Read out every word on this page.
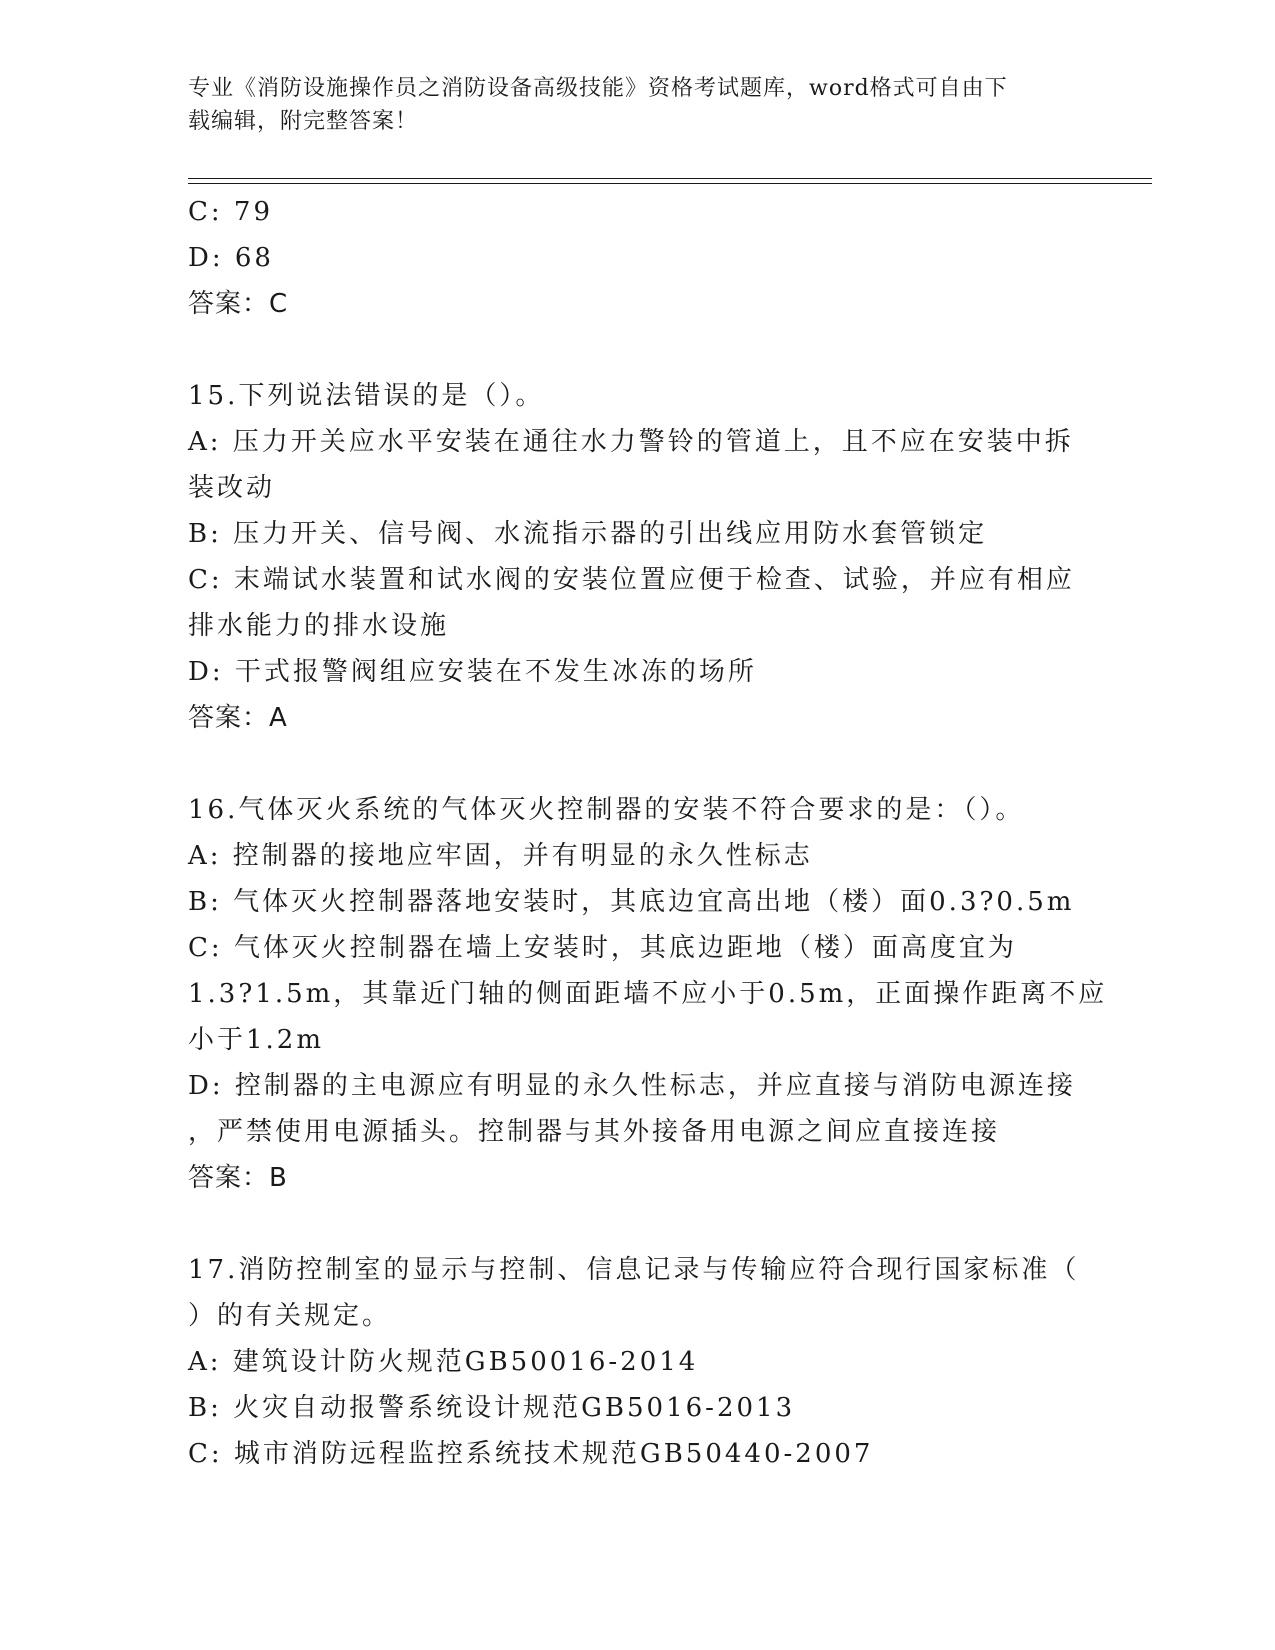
专业《消防设施操作员之消防设备高级技能》资格考试题库，word格式可自由下
载编辑，附完整答案！
C: 79
D: 68
答案：C
15.下列说法错误的是（）。
A: 压力开关应水平安装在通往水力警铃的管道上，且不应在安装中拆
装改动
B: 压力开关、信号阀、水流指示器的引出线应用防水套管锁定
C: 末端试水装置和试水阀的安装位置应便于检查、试验，并应有相应
排水能力的排水设施
D: 干式报警阀组应安装在不发生冰冻的场所
答案：A
16.气体灭火系统的气体灭火控制器的安装不符合要求的是：（）。
A: 控制器的接地应牢固，并有明显的永久性标志
B: 气体灭火控制器落地安装时，其底边宜高出地（楼）面0.3?0.5m
C: 气体灭火控制器在墙上安装时，其底边距地（楼）面高度宜为
1.3?1.5m，其靠近门轴的侧面距墙不应小于0.5m，正面操作距离不应
小于1.2m
D: 控制器的主电源应有明显的永久性标志，并应直接与消防电源连接
，严禁使用电源插头。控制器与其外接备用电源之间应直接连接
答案：B
17.消防控制室的显示与控制、信息记录与传输应符合现行国家标准（
）的有关规定。
A: 建筑设计防火规范GB50016-2014
B: 火灾自动报警系统设计规范GB5016-2013
C: 城市消防远程监控系统技术规范GB50440-2007
